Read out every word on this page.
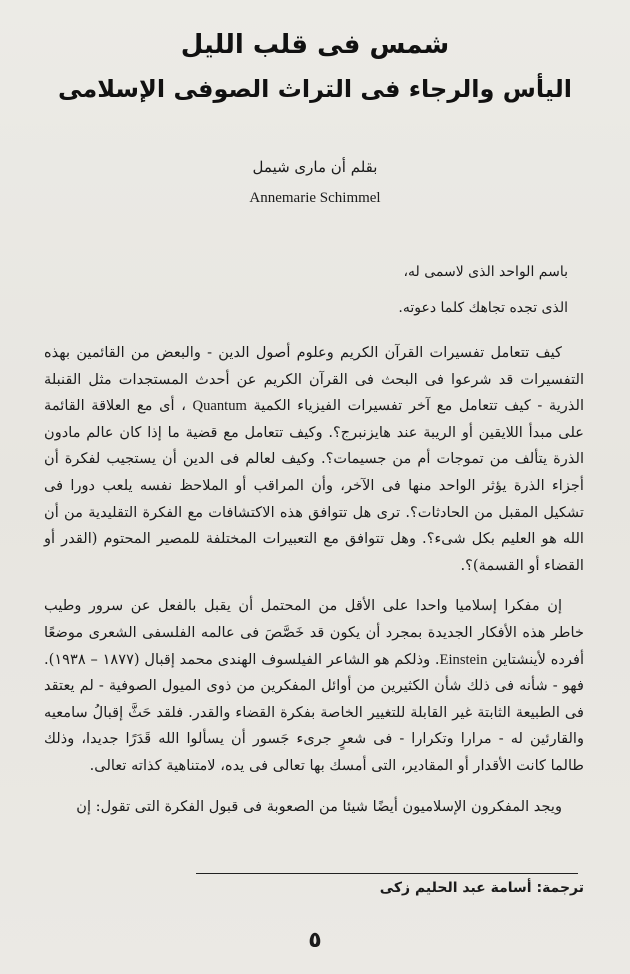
شمس فى قلب الليل
اليأس والرجاء فى التراث الصوفى الإسلامى
بقلم أن مارى شيمل
Annemarie Schimmel
باسم الواحد الذى لاسمى له،
الذى تجده تجاهك كلما دعوته.

كيف تتعامل تفسيرات القرآن الكريم وعلوم أصول الدين - والبعض من القائمين بهذه التفسيرات قد شرعوا فى البحث فى القرآن الكريم عن أحدث المستجدات مثل القنبلة الذرية - كيف تتعامل مع آخر تفسيرات الفيزياء الكمية Quantum ، أى مع العلاقة القائمة على مبدأ اللايقين أو الريبة عند هايزنبرج؟. وكيف تتعامل مع قضية ما إذا كان عالم مادون الذرة يتألف من تموجات أم من جسيمات؟. وكيف لعالم فى الدين أن يستجيب لفكرة أن أجزاء الذرة يؤثر الواحد منها فى الآخر، وأن المراقب أو الملاحظ نفسه يلعب دورا فى تشكيل المقبل من الحادثات؟. ترى هل تتوافق هذه الاكتشافات مع الفكرة التقليدية من أن الله هو العليم بكل شىء؟. وهل تتوافق مع التعبيرات المختلفة للمصير المحتوم (القدر أو القضاء أو القسمة)؟.

إن مفكرا إسلاميا واحدا على الأقل من المحتمل أن يقبل بالفعل عن سرور وطيب خاطر هذه الأفكار الجديدة بمجرد أن يكون قد خَصَّصَ فى عالمه الفلسفى الشعرى موضعًا أفرده لأينشتاين Einstein. وذلكم هو الشاعر الفيلسوف الهندى محمد إقبال (١٨٧٧ – ١٩٣٨). فهو - شأنه فى ذلك شأن الكثيرين من أوائل المفكرين من ذوى الميول الصوفية - لم يعتقد فى الطبيعة الثابتة غير القابلة للتغيير الخاصة بفكرة القضاء والقدر. فلقد حَثَّ إقبالُ سامعيه والقارئين له - مرارا وتكرارا - فى شعرٍ جرىء جَسور أن يسألوا الله قَدَرًا جديدا، وذلك طالما كانت الأقدار أو المقادير، التى أمسك بها تعالى فى يده، لامتناهية كذاته تعالى.

ويجد المفكرون الإسلاميون أيضًا شيئا من الصعوبة فى قبول الفكرة التى تقول: إن

ترجمة: أسامة عبد الحليم زكى
٥
